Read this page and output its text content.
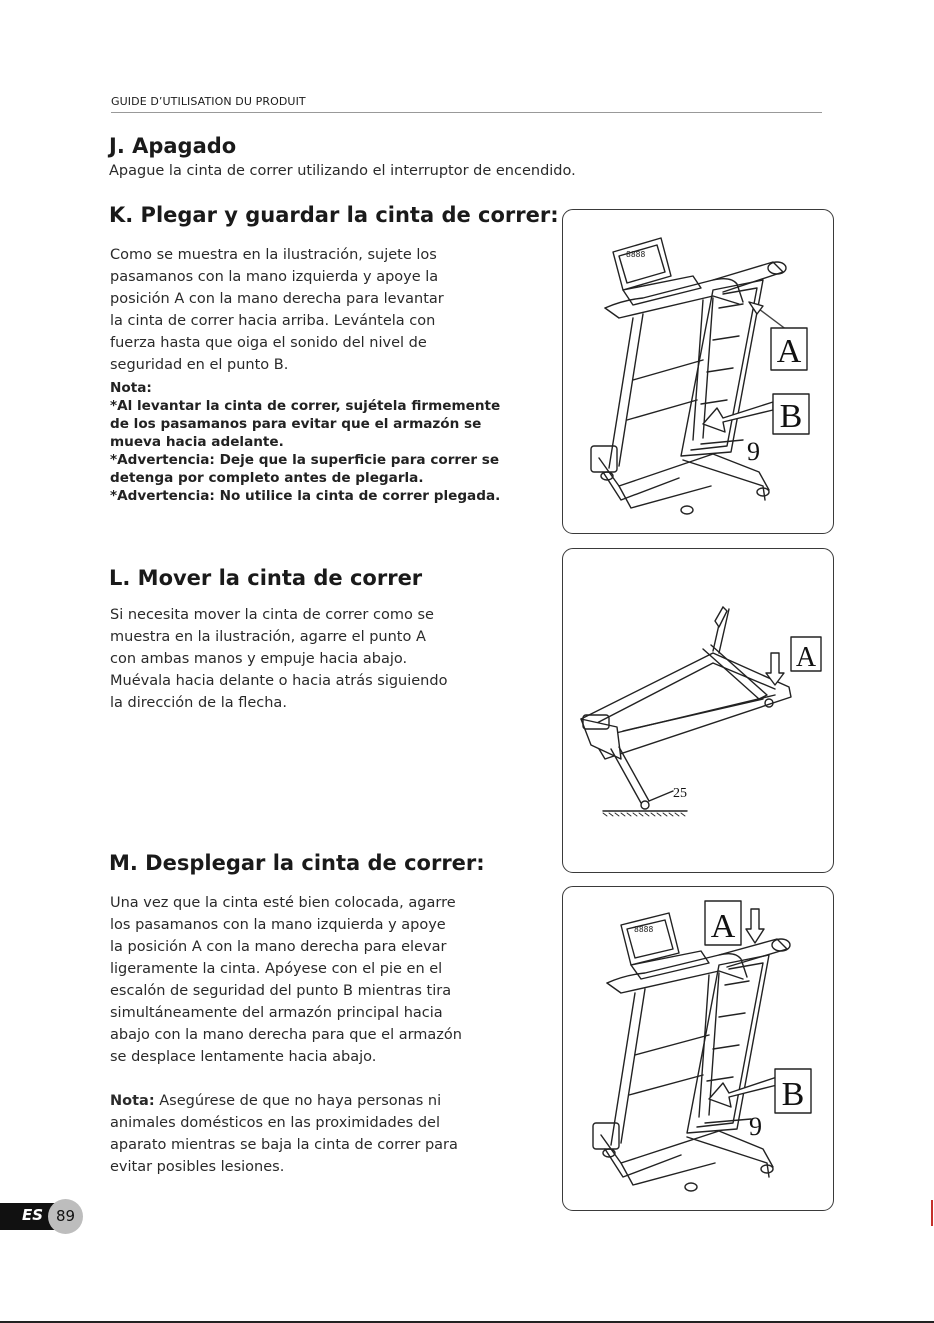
GUIDE D’UTILISATION DU PRODUIT
J. Apagado
Apague la cinta de correr utilizando el interruptor de encendido.
K. Plegar y guardar la cinta de correr:
Como se muestra en la ilustración, sujete los
pasamanos con la mano izquierda y apoye la
posición A con la mano derecha para levantar
la cinta de correr hacia arriba. Levántela con
fuerza hasta que oiga el sonido del nivel de
seguridad en el punto B.
Nota:
*Al levantar la cinta de correr, sujétela firmemente
de los pasamanos para evitar que el armazón se
mueva hacia adelante.
*Advertencia: Deje que la superficie para correr se
detenga por completo antes de plegarla.
*Advertencia: No utilice la cinta de correr plegada.
8888
A
B
9
L. Mover la cinta de correr
Si necesita mover la cinta de correr como se
muestra en la ilustración, agarre el punto A
con ambas manos y empuje hacia abajo.
Muévala hacia delante o hacia atrás siguiendo
la dirección de la flecha.
25
A
M. Desplegar la cinta de correr:
Una vez que la cinta esté bien colocada, agarre
los pasamanos con la mano izquierda y apoye
la posición A con la mano derecha para elevar
ligeramente la cinta. Apóyese con el pie en el
escalón de seguridad del punto B mientras tira
simultáneamente del armazón principal hacia
abajo con la mano derecha para que el armazón
se desplace lentamente hacia abajo.
Nota: Asegúrese de que no haya personas ni
animales domésticos en las proximidades del
aparato mientras se baja la cinta de correr para
evitar posibles lesiones.
8888 A
B
9
ES 89
